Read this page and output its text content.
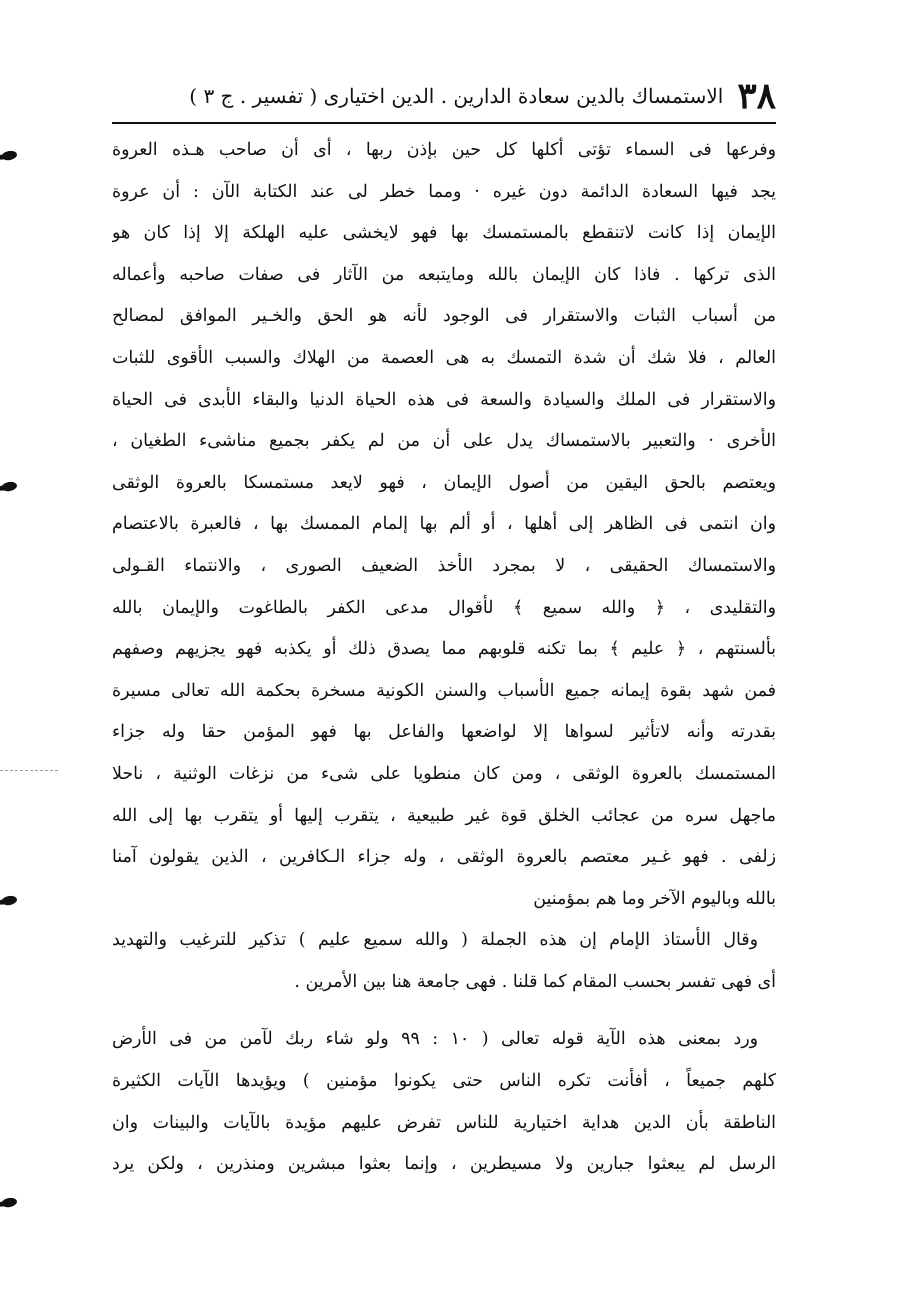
٣٨
الاستمساك بالدين سعادة الدارين . الدين اختيارى ( تفسير . ج ٣ )
وفرعها فى السماء تؤتى أكلها كل حين بإذن ربها ، أى أن صاحب هـذه العروة
يجد فيها السعادة الدائمة دون غيره · ومما خطر لى عند الكتابة الآن : أن عروة
الإيمان إذا كانت لاتنقطع بالمستمسك بها فهو لايخشى عليه الهلكة إلا إذا كان هو
الذى تركها . فاذا كان الإيمان بالله ومايتبعه من الآثار فى صفات صاحبه وأعماله
من أسباب الثبات والاستقرار فى الوجود لأنه هو الحق والخـير الموافق لمصالح
العالم ، فلا شك أن شدة التمسك به هى العصمة من الهلاك والسبب الأقوى للثبات
والاستقرار فى الملك والسيادة والسعة فى هذه الحياة الدنيا والبقاء الأبدى فى الحياة
الأخرى · والتعبير بالاستمساك يدل على أن من لم يكفر بجميع مناشىء الطغيان ،
ويعتصم بالحق اليقين من أصول الإيمان ، فهو لايعد مستمسكا بالعروة الوثقى
وان انتمى فى الظاهر إلى أهلها ، أو ألم بها إلمام الممسك بها ، فالعبرة بالاعتصام
والاستمساك الحقيقى ، لا بمجرد الأخذ الضعيف الصورى ، والانتماء القـولى
والتقليدى ، ﴿ والله سميع ﴾ لأقوال مدعى الكفر بالطاغوت والإيمان بالله
بألسنتهم ، ﴿ عليم ﴾ بما تكنه قلوبهم مما يصدق ذلك أو يكذبه فهو يجزيهم وصفهم
فمن شهد بقوة إيمانه جميع الأسباب والسنن الكونية مسخرة بحكمة الله تعالى مسيرة
بقدرته وأنه لاتأثير لسواها إلا لواضعها والفاعل بها فهو المؤمن حقا وله جزاء
المستمسك بالعروة الوثقى ، ومن كان منطويا على شىء من نزغات الوثنية ، ناحلا
ماجهل سره من عجائب الخلق قوة غير طبيعية ، يتقرب إليها أو يتقرب بها إلى الله
زلفى . فهو غـير معتصم بالعروة الوثقى ، وله جزاء الـكافرين ، الذين يقولون آمنا
بالله وباليوم الآخر وما هم بمؤمنين
وقال الأستاذ الإمام إن هذه الجملة ( والله سميع عليم ) تذكير للترغيب والتهديد
أى فهى تفسر بحسب المقام كما قلنا . فهى جامعة هنا بين الأمرين .
ورد بمعنى هذه الآية قوله تعالى ( ١٠ : ٩٩ ولو شاء ربك لآمن من فى الأرض
كلهم جميعاً ، أفأنت تكره الناس حتى يكونوا مؤمنين ) ويؤيدها الآيات الكثيرة
الناطقة بأن الدين هداية اختيارية للناس تفرض عليهم مؤيدة بالآيات والبينات وان
الرسل لم يبعثوا جبارين ولا مسيطرين ، وإنما بعثوا مبشرين ومنذرين ، ولكن يرد
